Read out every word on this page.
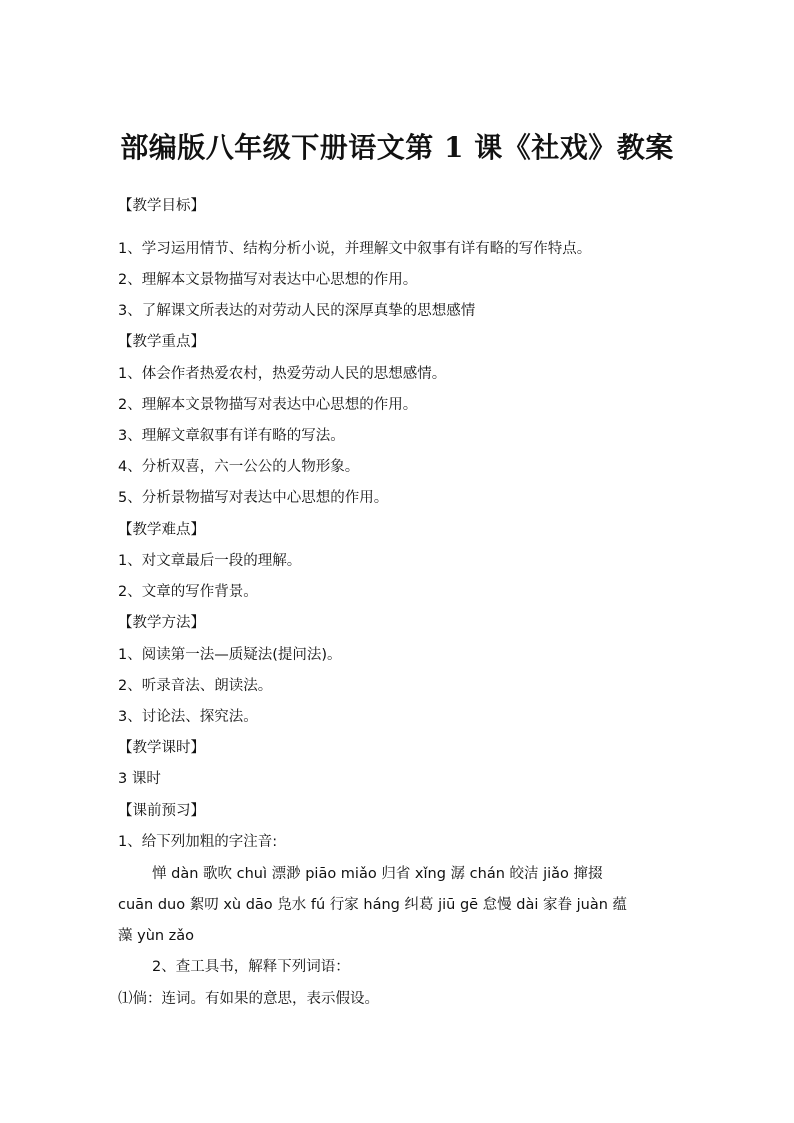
部编版八年级下册语文第 1 课《社戏》教案
【教学目标】
1、学习运用情节、结构分析小说，并理解文中叙事有详有略的写作特点。
2、理解本文景物描写对表达中心思想的作用。
3、了解课文所表达的对劳动人民的深厚真挚的思想感情
【教学重点】
1、体会作者热爱农村，热爱劳动人民的思想感情。
2、理解本文景物描写对表达中心思想的作用。
3、理解文章叙事有详有略的写法。
4、分析双喜，六一公公的人物形象。
5、分析景物描写对表达中心思想的作用。
【教学难点】
1、对文章最后一段的理解。
2、文章的写作背景。
【教学方法】
1、阅读第一法—质疑法(提问法)。
2、听录音法、朗读法。
3、讨论法、探究法。
【教学课时】
3 课时
【课前预习】
1、给下列加粗的字注音:
惮 dàn 歌吹 chuì 漂渺 piāo miǎo 归省 xǐng 潺 chán 皎洁 jiǎo 撺掇
cuān duo 絮叨 xù dāo 凫水 fú 行家 háng 纠葛 jiū gē 怠慢 dài 家眷 juàn 蕴
藻 yùn zǎo
2、查工具书，解释下列词语：
⑴倘：连词。有如果的意思，表示假设。
